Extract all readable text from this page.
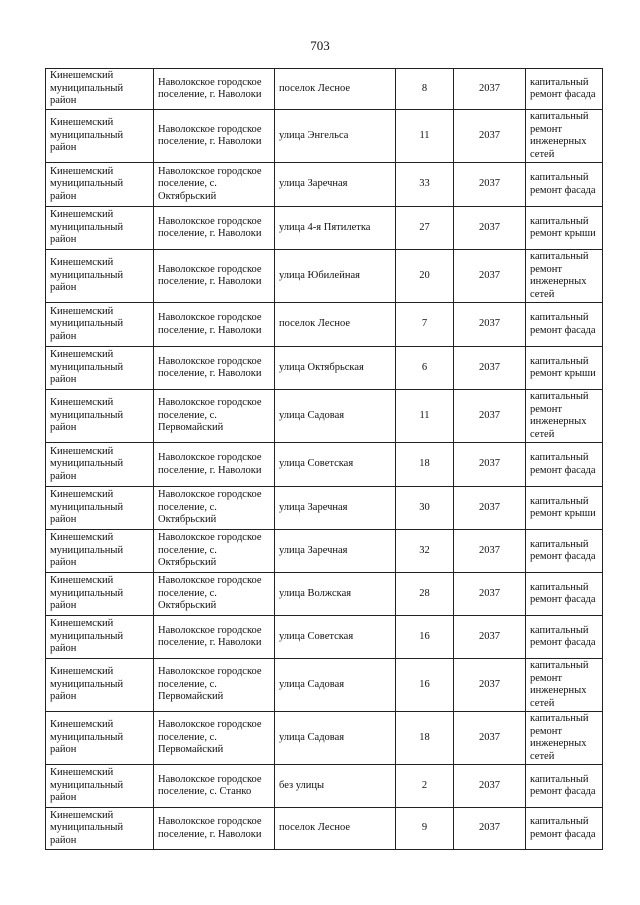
703
Кинешемский муниципальный район	Наволокское городское поселение, г. Наволоки	поселок Лесное	8	2037	капитальный ремонт фасада
Кинешемский муниципальный район	Наволокское городское поселение, г. Наволоки	улица Энгельса	11	2037	капитальный ремонт инженерных сетей
Кинешемский муниципальный район	Наволокское городское поселение, с. Октябрьский	улица Заречная	33	2037	капитальный ремонт фасада
Кинешемский муниципальный район	Наволокское городское поселение, г. Наволоки	улица 4-я Пятилетка	27	2037	капитальный ремонт крыши
Кинешемский муниципальный район	Наволокское городское поселение, г. Наволоки	улица Юбилейная	20	2037	капитальный ремонт инженерных сетей
Кинешемский муниципальный район	Наволокское городское поселение, г. Наволоки	поселок Лесное	7	2037	капитальный ремонт фасада
Кинешемский муниципальный район	Наволокское городское поселение, г. Наволоки	улица Октябрьская	6	2037	капитальный ремонт крыши
Кинешемский муниципальный район	Наволокское городское поселение, с. Первомайский	улица Садовая	11	2037	капитальный ремонт инженерных сетей
Кинешемский муниципальный район	Наволокское городское поселение, г. Наволоки	улица Советская	18	2037	капитальный ремонт фасада
Кинешемский муниципальный район	Наволокское городское поселение, с. Октябрьский	улица Заречная	30	2037	капитальный ремонт крыши
Кинешемский муниципальный район	Наволокское городское поселение, с. Октябрьский	улица Заречная	32	2037	капитальный ремонт фасада
Кинешемский муниципальный район	Наволокское городское поселение, с. Октябрьский	улица Волжская	28	2037	капитальный ремонт фасада
Кинешемский муниципальный район	Наволокское городское поселение, г. Наволоки	улица Советская	16	2037	капитальный ремонт фасада
Кинешемский муниципальный район	Наволокское городское поселение, с. Первомайский	улица Садовая	16	2037	капитальный ремонт инженерных сетей
Кинешемский муниципальный район	Наволокское городское поселение, с. Первомайский	улица Садовая	18	2037	капитальный ремонт инженерных сетей
Кинешемский муниципальный район	Наволокское городское поселение, с. Станко	без улицы	2	2037	капитальный ремонт фасада
Кинешемский муниципальный район	Наволокское городское поселение, г. Наволоки	поселок Лесное	9	2037	капитальный ремонт фасада
